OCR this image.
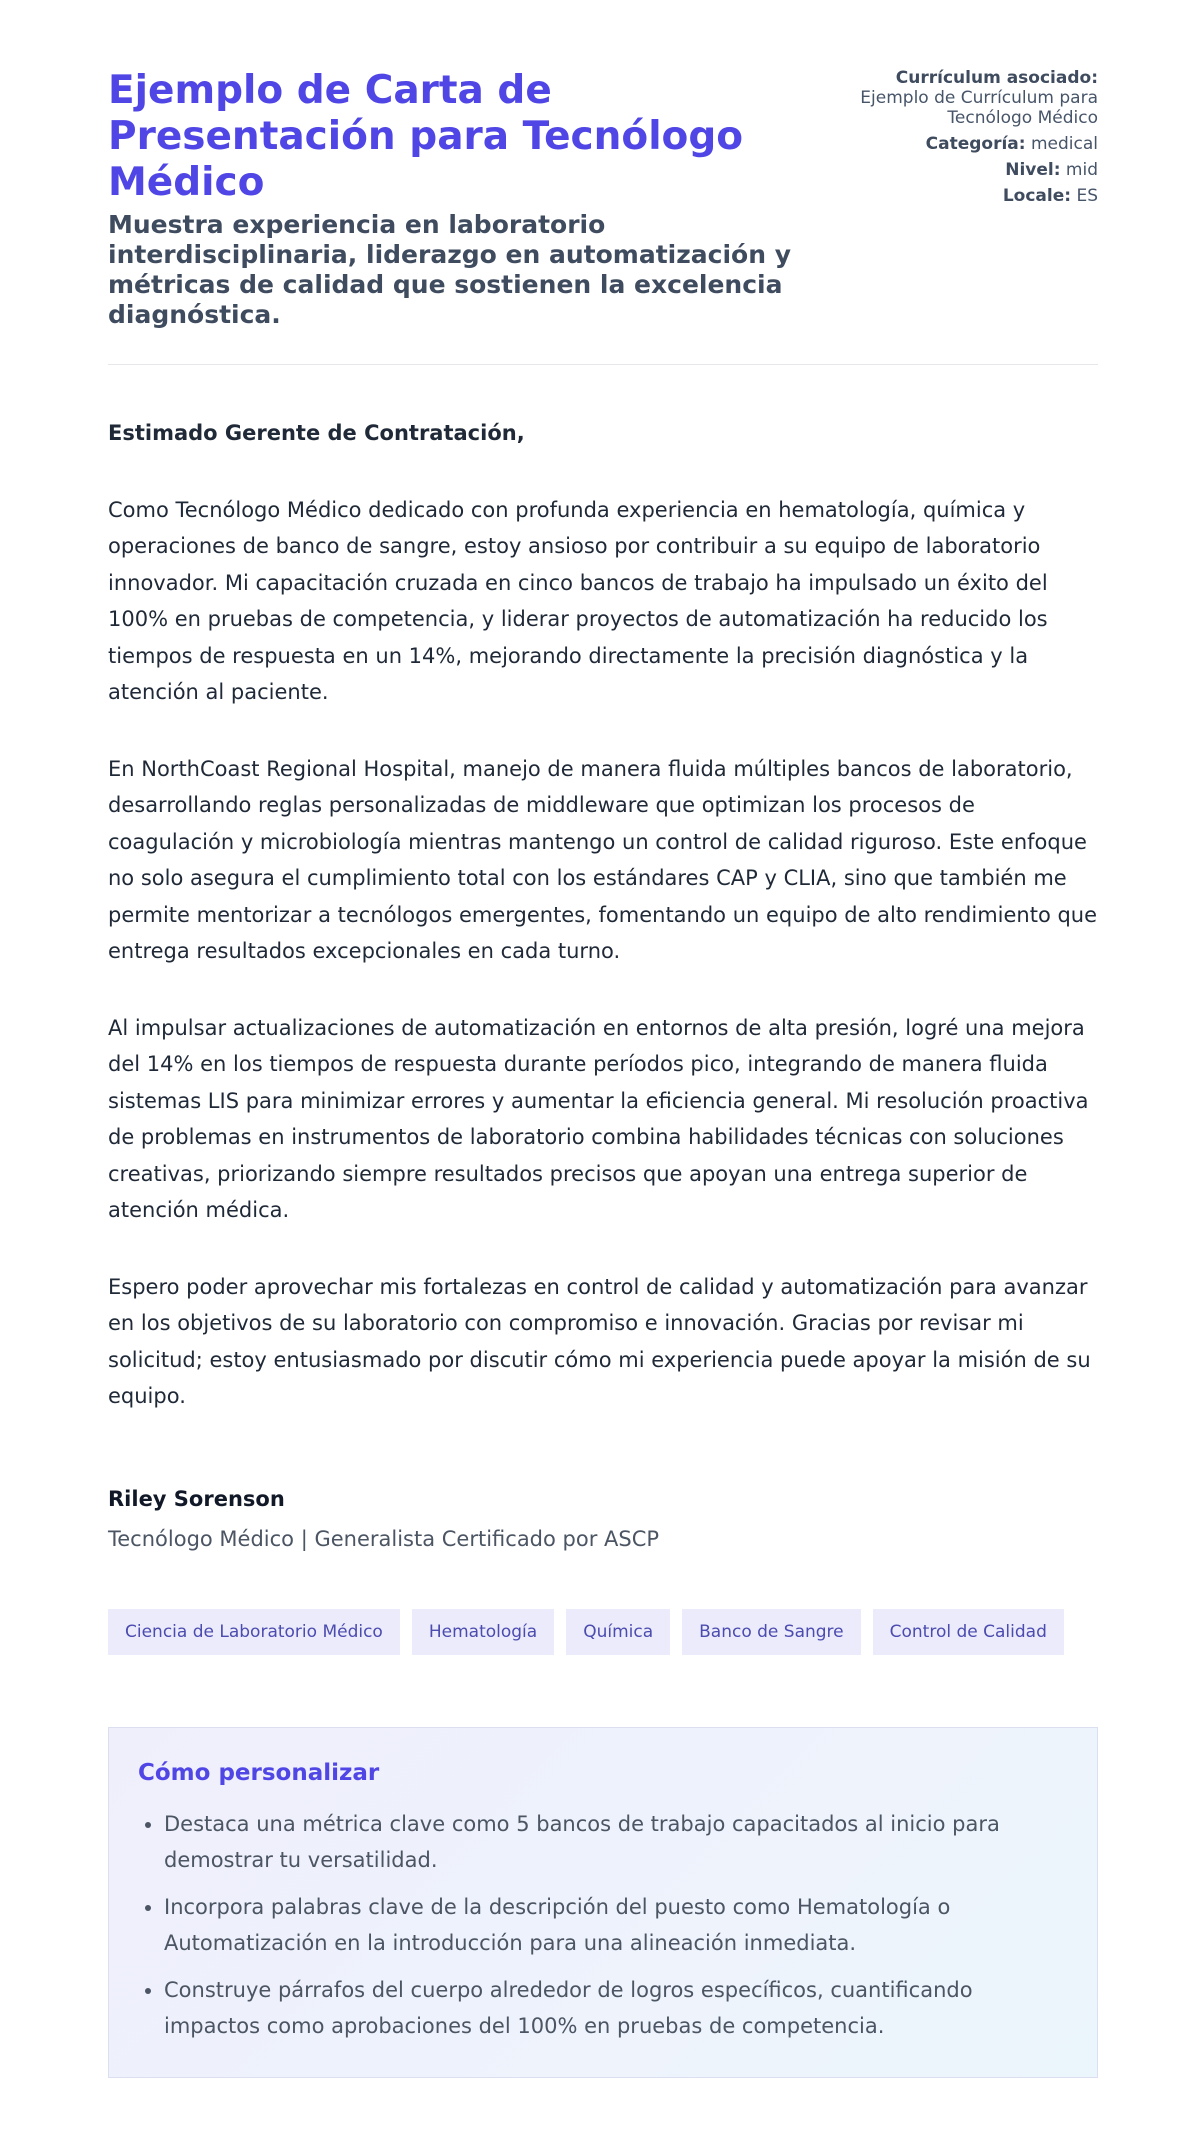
Ejemplo de Carta de Presentación para Tecnólogo Médico
Muestra experiencia en laboratorio interdisciplinaria, liderazgo en automatización y métricas de calidad que sostienen la excelencia diagnóstica.
Currículum asociado:
Ejemplo de Currículum para Tecnólogo Médico
Categoría: medical
Nivel: mid
Locale: ES

Estimado Gerente de Contratación,

Como Tecnólogo Médico dedicado con profunda experiencia en hematología, química y operaciones de banco de sangre, estoy ansioso por contribuir a su equipo de laboratorio innovador. Mi capacitación cruzada en cinco bancos de trabajo ha impulsado un éxito del 100% en pruebas de competencia, y liderar proyectos de automatización ha reducido los tiempos de respuesta en un 14%, mejorando directamente la precisión diagnóstica y la atención al paciente.

En NorthCoast Regional Hospital, manejo de manera fluida múltiples bancos de laboratorio, desarrollando reglas personalizadas de middleware que optimizan los procesos de coagulación y microbiología mientras mantengo un control de calidad riguroso. Este enfoque no solo asegura el cumplimiento total con los estándares CAP y CLIA, sino que también me permite mentorizar a tecnólogos emergentes, fomentando un equipo de alto rendimiento que entrega resultados excepcionales en cada turno.

Al impulsar actualizaciones de automatización en entornos de alta presión, logré una mejora del 14% en los tiempos de respuesta durante períodos pico, integrando de manera fluida sistemas LIS para minimizar errores y aumentar la eficiencia general. Mi resolución proactiva de problemas en instrumentos de laboratorio combina habilidades técnicas con soluciones creativas, priorizando siempre resultados precisos que apoyan una entrega superior de atención médica.

Espero poder aprovechar mis fortalezas en control de calidad y automatización para avanzar en los objetivos de su laboratorio con compromiso e innovación. Gracias por revisar mi solicitud; estoy entusiasmado por discutir cómo mi experiencia puede apoyar la misión de su equipo.

Riley Sorenson
Tecnólogo Médico | Generalista Certificado por ASCP
Ciencia de Laboratorio Médico	Hematología	Química	Banco de Sangre	Control de Calidad
Cómo personalizar
• Destaca una métrica clave como 5 bancos de trabajo capacitados al inicio para demostrar tu versatilidad.
• Incorpora palabras clave de la descripción del puesto como Hematología o Automatización en la introducción para una alineación inmediata.
• Construye párrafos del cuerpo alrededor de logros específicos, cuantificando impactos como aprobaciones del 100% en pruebas de competencia.
